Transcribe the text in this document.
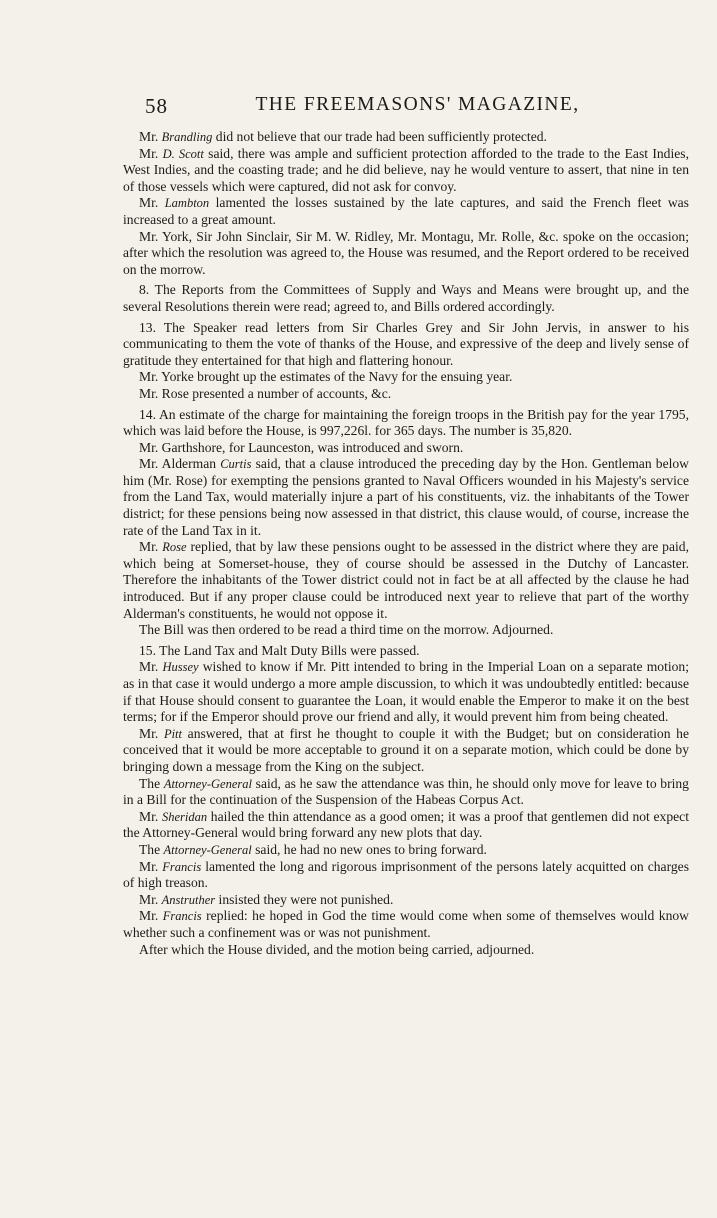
58	THE FREEMASONS' MAGAZINE,

Mr. Brandling did not believe that our trade had been sufficiently protected.

Mr. D. Scott said, there was ample and sufficient protection afforded to the trade to the East Indies, West Indies, and the coasting trade; and he did believe, nay he would venture to assert, that nine in ten of those vessels which were captured, did not ask for convoy.

Mr. Lambton lamented the losses sustained by the late captures, and said the French fleet was increased to a great amount.

Mr. York, Sir John Sinclair, Sir M. W. Ridley, Mr. Montagu, Mr. Rolle, &c. spoke on the occasion; after which the resolution was agreed to, the House was resumed, and the Report ordered to be received on the morrow.

8. The Reports from the Committees of Supply and Ways and Means were brought up, and the several Resolutions therein were read; agreed to, and Bills ordered accordingly.

13. The Speaker read letters from Sir Charles Grey and Sir John Jervis, in answer to his communicating to them the vote of thanks of the House, and expressive of the deep and lively sense of gratitude they entertained for that high and flattering honour.

Mr. Yorke brought up the estimates of the Navy for the ensuing year.

Mr. Rose presented a number of accounts, &c.

14. An estimate of the charge for maintaining the foreign troops in the British pay for the year 1795, which was laid before the House, is 997,226l. for 365 days. The number is 35,820.

Mr. Garthshore, for Launceston, was introduced and sworn.

Mr. Alderman Curtis said, that a clause introduced the preceding day by the Hon. Gentleman below him (Mr. Rose) for exempting the pensions granted to Naval Officers wounded in his Majesty's service from the Land Tax, would materially injure a part of his constituents, viz. the inhabitants of the Tower district; for these pensions being now assessed in that district, this clause would, of course, increase the rate of the Land Tax in it.

Mr. Rose replied, that by law these pensions ought to be assessed in the district where they are paid, which being at Somerset-house, they of course should be assessed in the Dutchy of Lancaster. Therefore the inhabitants of the Tower district could not in fact be at all affected by the clause he had introduced. But if any proper clause could be introduced next year to relieve that part of the worthy Alderman's constituents, he would not oppose it.

The Bill was then ordered to be read a third time on the morrow. Adjourned.

15. The Land Tax and Malt Duty Bills were passed.

Mr. Hussey wished to know if Mr. Pitt intended to bring in the Imperial Loan on a separate motion; as in that case it would undergo a more ample discussion, to which it was undoubtedly entitled: because if that House should consent to guarantee the Loan, it would enable the Emperor to make it on the best terms; for if the Emperor should prove our friend and ally, it would prevent him from being cheated.

Mr. Pitt answered, that at first he thought to couple it with the Budget; but on consideration he conceived that it would be more acceptable to ground it on a separate motion, which could be done by bringing down a message from the King on the subject.

The Attorney-General said, as he saw the attendance was thin, he should only move for leave to bring in a Bill for the continuation of the Suspension of the Habeas Corpus Act.

Mr. Sheridan hailed the thin attendance as a good omen; it was a proof that gentlemen did not expect the Attorney-General would bring forward any new plots that day.

The Attorney-General said, he had no new ones to bring forward.

Mr. Francis lamented the long and rigorous imprisonment of the persons lately acquitted on charges of high treason.

Mr. Anstruther insisted they were not punished.

Mr. Francis replied: he hoped in God the time would come when some of themselves would know whether such a confinement was or was not punishment.

After which the House divided, and the motion being carried, adjourned.
